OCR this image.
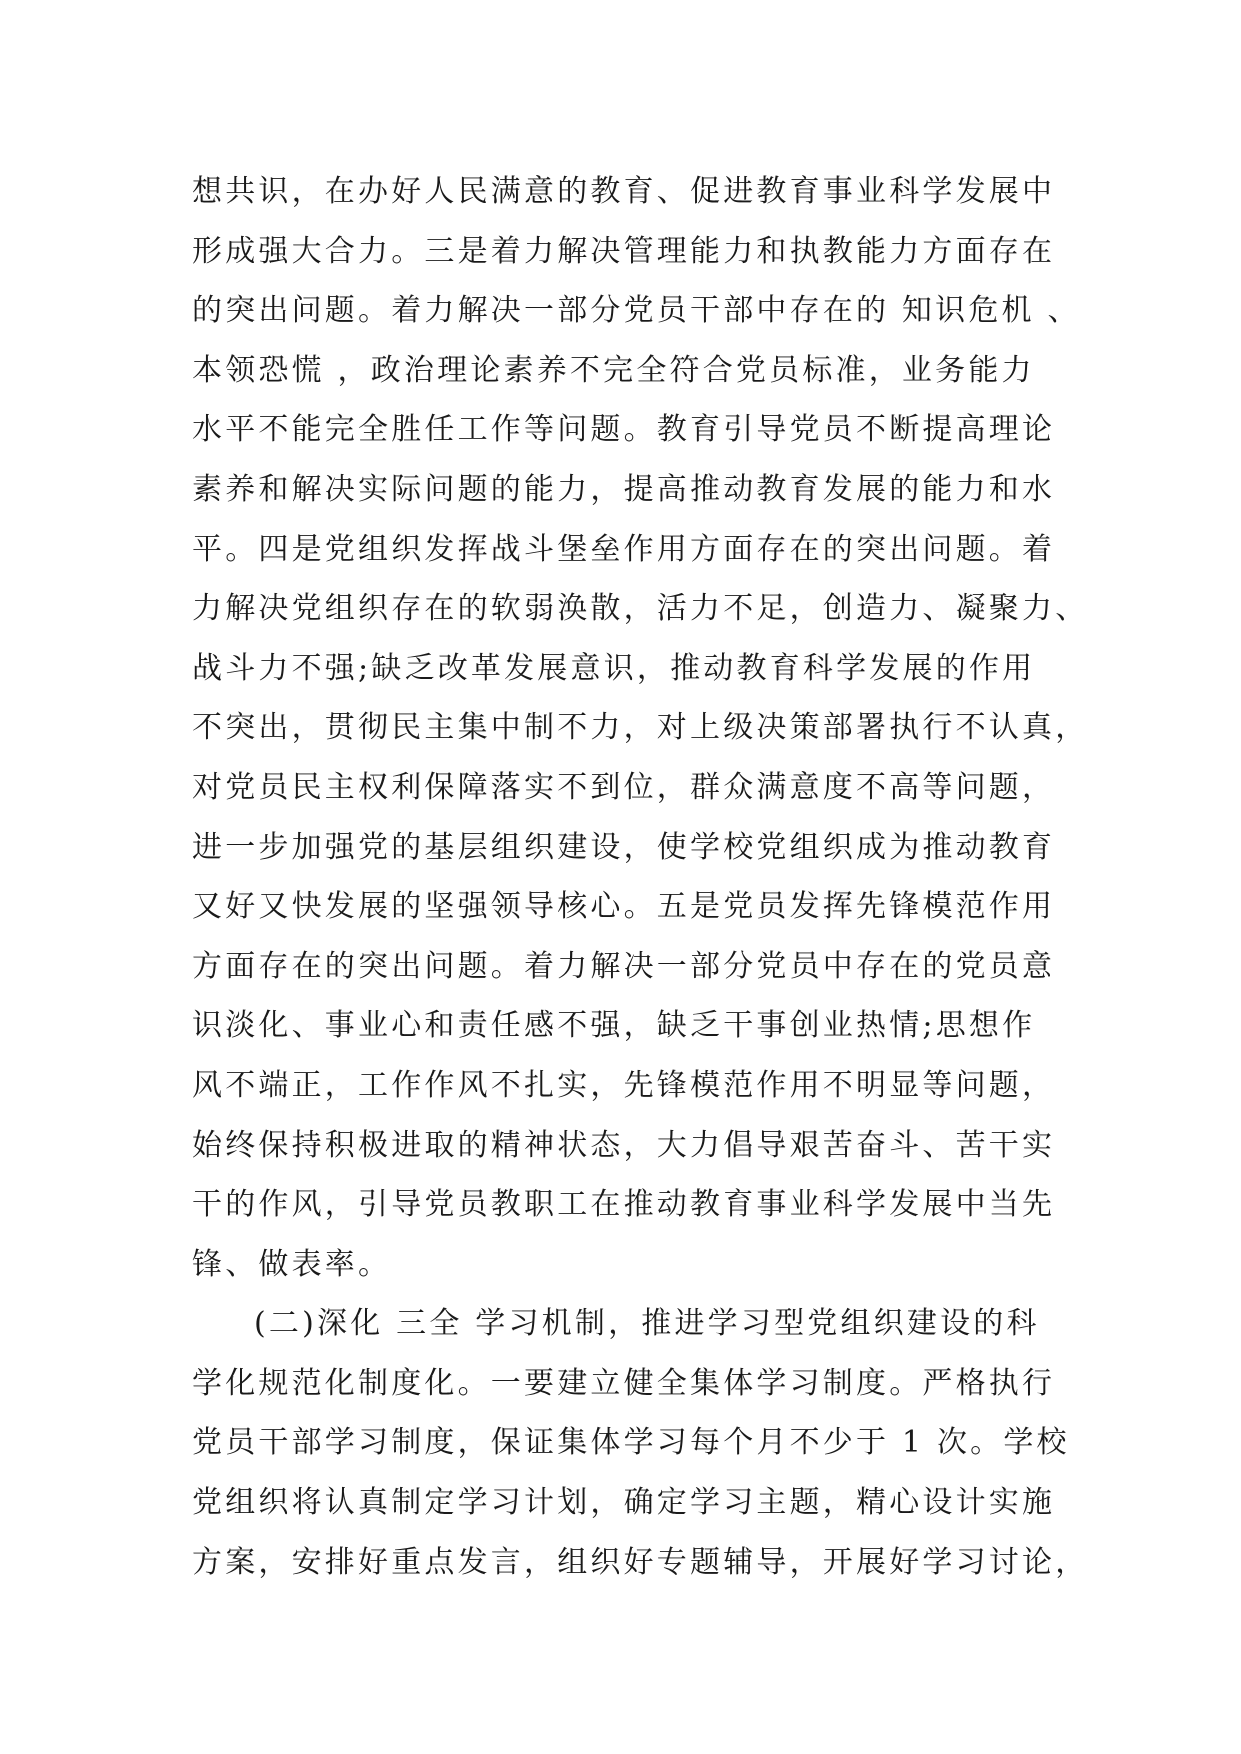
想共识，在办好人民满意的教育、促进教育事业科学发展中
形成强大合力。三是着力解决管理能力和执教能力方面存在
的突出问题。着力解决一部分党员干部中存在的 知识危机 、
本领恐慌 ，政治理论素养不完全符合党员标准，业务能力
水平不能完全胜任工作等问题。教育引导党员不断提高理论
素养和解决实际问题的能力，提高推动教育发展的能力和水
平。四是党组织发挥战斗堡垒作用方面存在的突出问题。着
力解决党组织存在的软弱涣散，活力不足，创造力、凝聚力、
战斗力不强;缺乏改革发展意识，推动教育科学发展的作用
不突出，贯彻民主集中制不力，对上级决策部署执行不认真，
对党员民主权利保障落实不到位，群众满意度不高等问题，
进一步加强党的基层组织建设，使学校党组织成为推动教育
又好又快发展的坚强领导核心。五是党员发挥先锋模范作用
方面存在的突出问题。着力解决一部分党员中存在的党员意
识淡化、事业心和责任感不强，缺乏干事创业热情;思想作
风不端正，工作作风不扎实，先锋模范作用不明显等问题，
始终保持积极进取的精神状态，大力倡导艰苦奋斗、苦干实
干的作风，引导党员教职工在推动教育事业科学发展中当先
锋、做表率。
(二)深化 三全 学习机制，推进学习型党组织建设的科
学化规范化制度化。一要建立健全集体学习制度。严格执行
党员干部学习制度，保证集体学习每个月不少于 1 次。学校
党组织将认真制定学习计划，确定学习主题，精心设计实施
方案，安排好重点发言，组织好专题辅导，开展好学习讨论，
